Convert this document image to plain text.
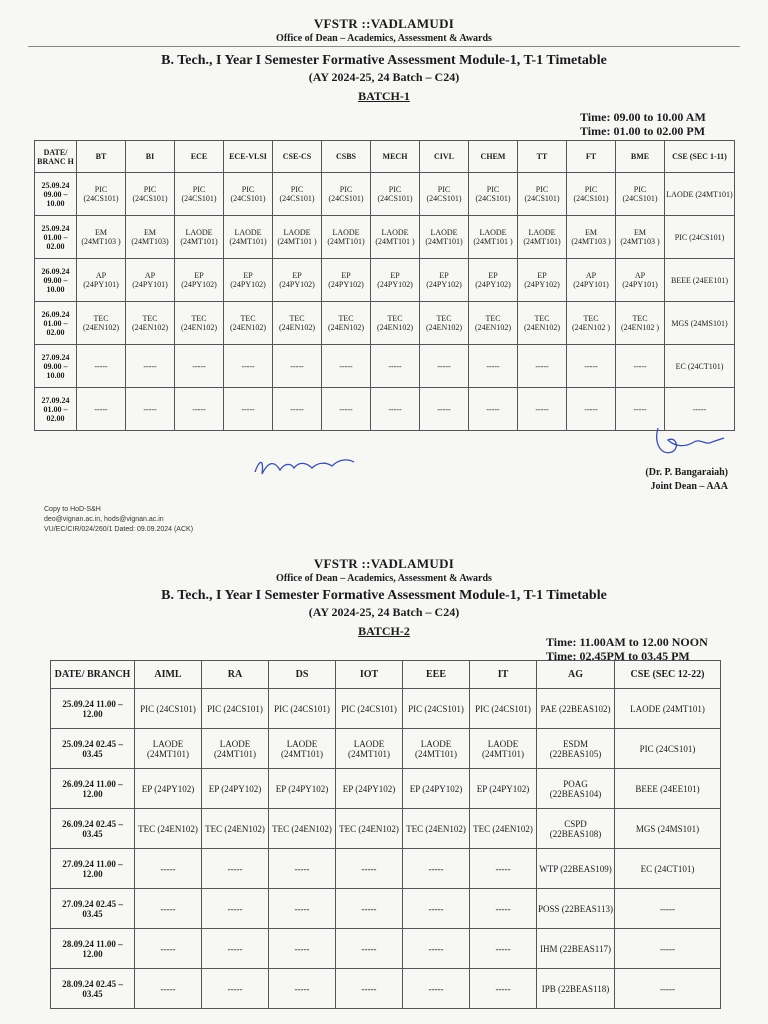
VFSTR ::VADLAMUDI
Office of Dean – Academics, Assessment & Awards
B. Tech., I Year I Semester Formative Assessment Module-1, T-1 Timetable
(AY 2024-25, 24 Batch – C24)
BATCH-1
Time: 09.00 to 10.00 AM
Time: 01.00 to 02.00 PM
DATE/ BRANC H	BT	BI	ECE	ECE-VLSI	CSE-CS	CSBS	MECH	CIVL	CHEM	TT	FT	BME	CSE (SEC 1-11)
25.09.24 09.00 – 10.00	PIC (24CS101)	PIC (24CS101)	PIC (24CS101)	PIC (24CS101)	PIC (24CS101)	PIC (24CS101)	PIC (24CS101)	PIC (24CS101)	PIC (24CS101)	PIC (24CS101)	PIC (24CS101)	PIC (24CS101)	LAODE (24MT101)
25.09.24 01.00 – 02.00	EM (24MT103 )	EM (24MT103)	LAODE (24MT101)	LAODE (24MT101)	LAODE (24MT101 )	LAODE (24MT101)	LAODE (24MT101 )	LAODE (24MT101)	LAODE (24MT101 )	LAODE (24MT101)	EM (24MT103 )	EM (24MT103 )	PIC (24CS101)
26.09.24 09.00 – 10.00	AP (24PY101)	AP (24PY101)	EP (24PY102)	EP (24PY102)	EP (24PY102)	EP (24PY102)	EP (24PY102)	EP (24PY102)	EP (24PY102)	EP (24PY102)	AP (24PY101)	AP (24PY101)	BEEE (24EE101)
26.09.24 01.00 – 02.00	TEC (24EN102)	TEC (24EN102)	TEC (24EN102)	TEC (24EN102)	TEC (24EN102)	TEC (24EN102)	TEC (24EN102)	TEC (24EN102)	TEC (24EN102)	TEC (24EN102)	TEC (24EN102 )	TEC (24EN102 )	MGS (24MS101)
27.09.24 09.00 – 10.00	-----	-----	-----	-----	-----	-----	-----	-----	-----	-----	-----	-----	EC (24CT101)
27.09.24 01.00 – 02.00	-----	-----	-----	-----	-----	-----	-----	-----	-----	-----	-----	-----	-----
(Dr. P. Bangaraiah)
Joint Dean – AAA
Copy to HoD-S&H
deo@vignan.ac.in, hods@vignan.ac.in
VU/EC/CIR/024/260/1 Dated: 09.09.2024 (ACK)
VFSTR ::VADLAMUDI
Office of Dean – Academics, Assessment & Awards
B. Tech., I Year I Semester Formative Assessment Module-1, T-1 Timetable
(AY 2024-25, 24 Batch – C24)
BATCH-2
Time: 11.00AM to 12.00 NOON
Time: 02.45PM to 03.45 PM
DATE/ BRANCH	AIML	RA	DS	IOT	EEE	IT	AG	CSE (SEC 12-22)
25.09.24 11.00 – 12.00	PIC (24CS101)	PIC (24CS101)	PIC (24CS101)	PIC (24CS101)	PIC (24CS101)	PIC (24CS101)	PAE (22BEAS102)	LAODE (24MT101)
25.09.24 02.45 – 03.45	LAODE (24MT101)	LAODE (24MT101)	LAODE (24MT101)	LAODE (24MT101)	LAODE (24MT101)	LAODE (24MT101)	ESDM (22BEAS105)	PIC (24CS101)
26.09.24 11.00 – 12.00	EP (24PY102)	EP (24PY102)	EP (24PY102)	EP (24PY102)	EP (24PY102)	EP (24PY102)	POAG (22BEAS104)	BEEE (24EE101)
26.09.24 02.45 – 03.45	TEC (24EN102)	TEC (24EN102)	TEC (24EN102)	TEC (24EN102)	TEC (24EN102)	TEC (24EN102)	CSPD (22BEAS108)	MGS (24MS101)
27.09.24 11.00 – 12.00	-----	-----	-----	-----	-----	-----	WTP (22BEAS109)	EC (24CT101)
27.09.24 02.45 – 03.45	-----	-----	-----	-----	-----	-----	POSS (22BEAS113)	-----
28.09.24 11.00 – 12.00	-----	-----	-----	-----	-----	-----	IHM (22BEAS117)	-----
28.09.24 02.45 – 03.45	-----	-----	-----	-----	-----	-----	IPB (22BEAS118)	-----
